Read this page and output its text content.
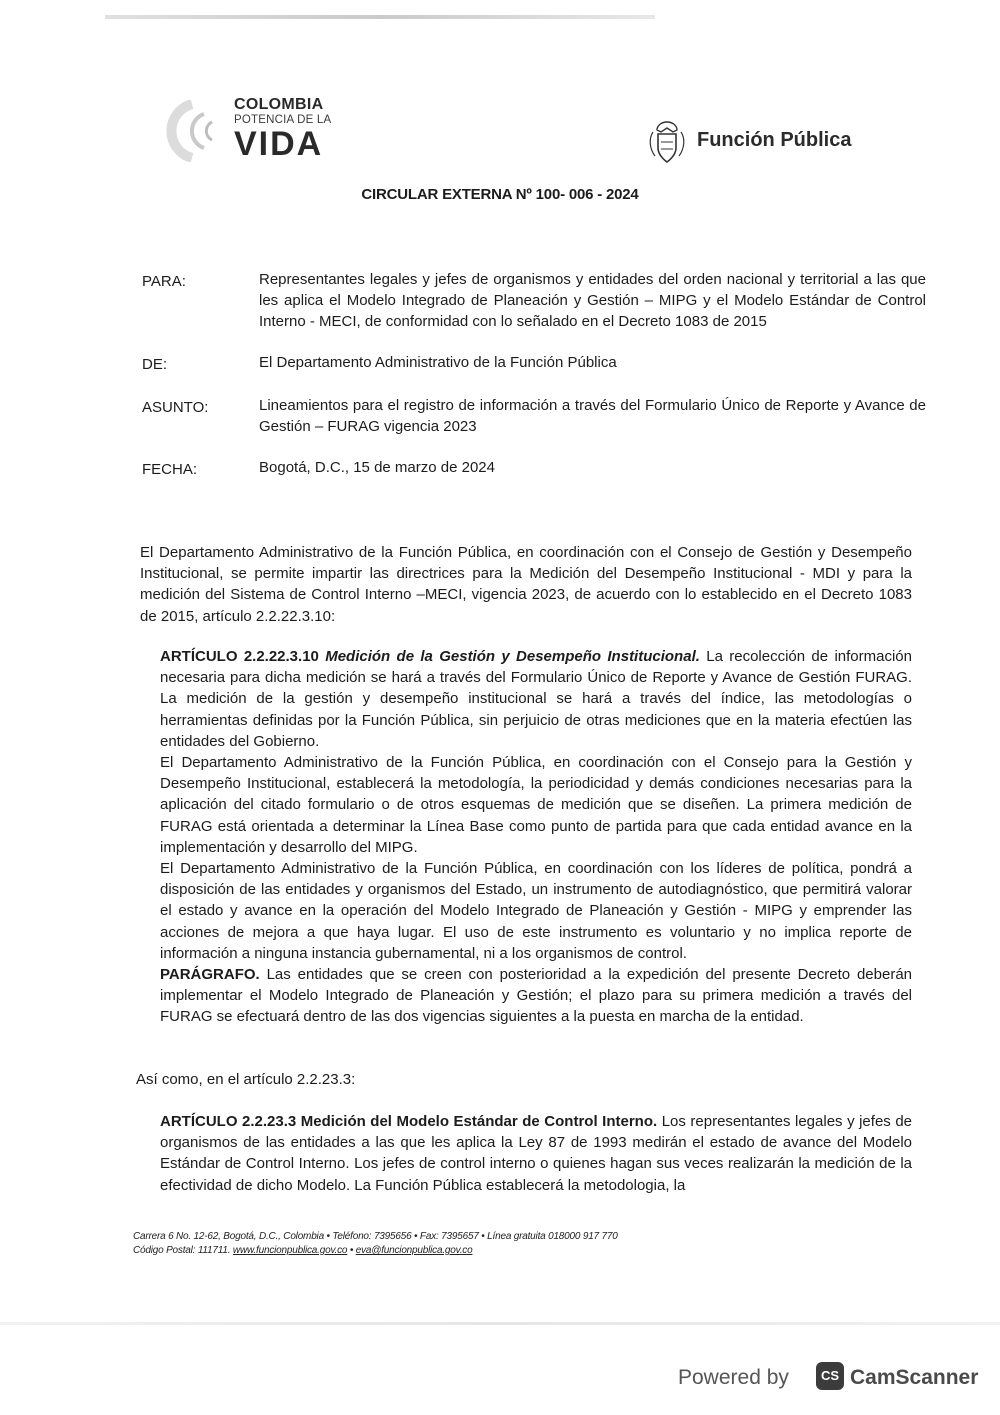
COLOMBIA
POTENCIA DE LA
VIDA	Función Pública
CIRCULAR EXTERNA Nº 100- 006 - 2024
PARA:	Representantes legales y jefes de organismos y entidades del orden nacional y territorial a las que les aplica el Modelo Integrado de Planeación y Gestión – MIPG y el Modelo Estándar de Control Interno - MECI, de conformidad con lo señalado en el Decreto 1083 de 2015
DE:	El Departamento Administrativo de la Función Pública
ASUNTO:	Lineamientos para el registro de información a través del Formulario Único de Reporte y Avance de Gestión – FURAG vigencia 2023
FECHA:	Bogotá, D.C., 15 de marzo de 2024
El Departamento Administrativo de la Función Pública, en coordinación con el Consejo de Gestión y Desempeño Institucional, se permite impartir las directrices para la Medición del Desempeño Institucional - MDI y para la medición del Sistema de Control Interno –MECI, vigencia 2023, de acuerdo con lo establecido en el Decreto 1083 de 2015, artículo 2.2.22.3.10:

ARTÍCULO 2.2.22.3.10 Medición de la Gestión y Desempeño Institucional. La recolección de información necesaria para dicha medición se hará a través del Formulario Único de Reporte y Avance de Gestión FURAG. La medición de la gestión y desempeño institucional se hará a través del índice, las metodologías o herramientas definidas por la Función Pública, sin perjuicio de otras mediciones que en la materia efectúen las entidades del Gobierno.

El Departamento Administrativo de la Función Pública, en coordinación con el Consejo para la Gestión y Desempeño Institucional, establecerá la metodología, la periodicidad y demás condiciones necesarias para la aplicación del citado formulario o de otros esquemas de medición que se diseñen. La primera medición de FURAG está orientada a determinar la Línea Base como punto de partida para que cada entidad avance en la implementación y desarrollo del MIPG.

El Departamento Administrativo de la Función Pública, en coordinación con los líderes de política, pondrá a disposición de las entidades y organismos del Estado, un instrumento de autodiagnóstico, que permitirá valorar el estado y avance en la operación del Modelo Integrado de Planeación y Gestión - MIPG y emprender las acciones de mejora a que haya lugar. El uso de este instrumento es voluntario y no implica reporte de información a ninguna instancia gubernamental, ni a los organismos de control.

PARÁGRAFO. Las entidades que se creen con posterioridad a la expedición del presente Decreto deberán implementar el Modelo Integrado de Planeación y Gestión; el plazo para su primera medición a través del FURAG se efectuará dentro de las dos vigencias siguientes a la puesta en marcha de la entidad.

Así como, en el artículo 2.2.23.3:
ARTÍCULO 2.2.23.3 Medición del Modelo Estándar de Control Interno. Los representantes legales y jefes de organismos de las entidades a las que les aplica la Ley 87 de 1993 medirán el estado de avance del Modelo Estándar de Control Interno. Los jefes de control interno o quienes hagan sus veces realizarán la medición de la efectividad de dicho Modelo. La Función Pública establecerá la metodologia, la
Carrera 6 No. 12-62, Bogotá, D.C., Colombia • Teléfono: 7395656 • Fax: 7395657 • Línea gratuita 018000 917 770
Código Postal: 111711. www.funcionpublica.gov.co • eva@funcionpublica.gov.co
Powered by	CS CamScanner
